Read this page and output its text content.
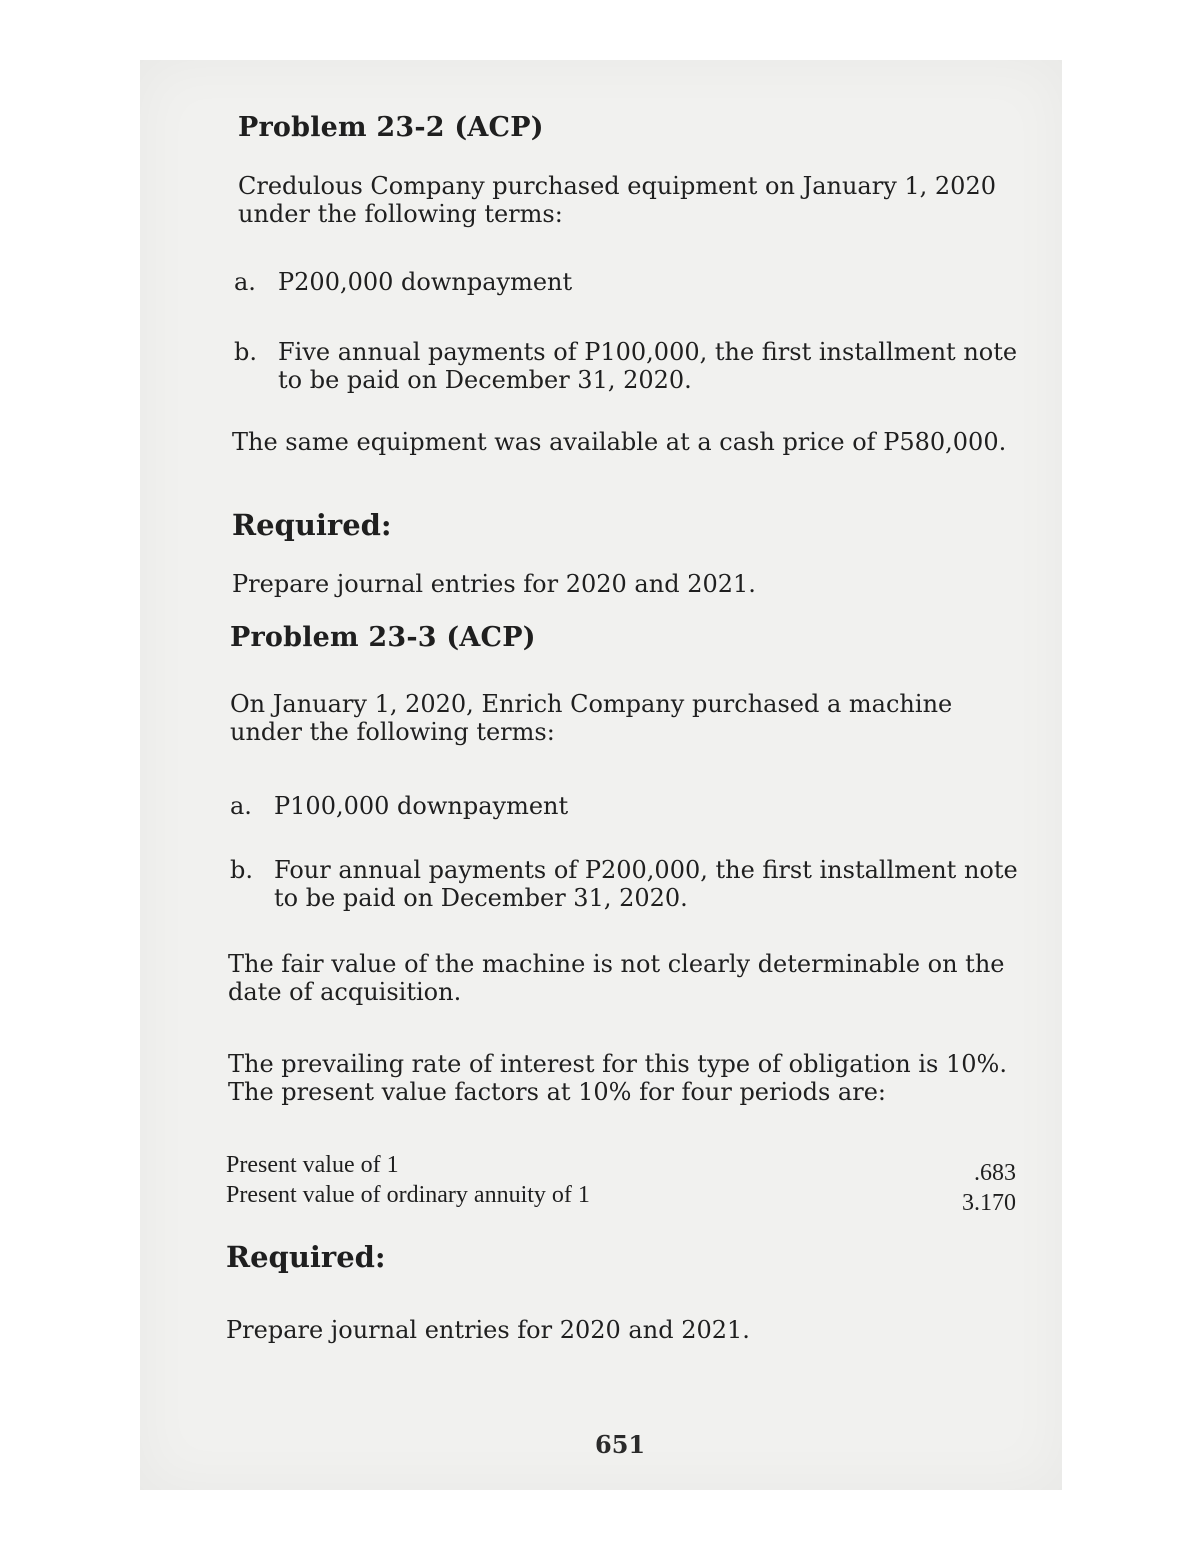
Problem 23-2 (ACP)
Credulous Company purchased equipment on January 1, 2020 under the following terms:
a. P200,000 downpayment
b. Five annual payments of P100,000, the first installment note to be paid on December 31, 2020.
The same equipment was available at a cash price of P580,000.
Required:
Prepare journal entries for 2020 and 2021.
Problem 23-3 (ACP)
On January 1, 2020, Enrich Company purchased a machine under the following terms:
a. P100,000 downpayment
b. Four annual payments of P200,000, the first installment note to be paid on December 31, 2020.
The fair value of the machine is not clearly determinable on the date of acquisition.
The prevailing rate of interest for this type of obligation is 10%. The present value factors at 10% for four periods are:
Present value of 1	.683
Present value of ordinary annuity of 1	3.170
Required:
Prepare journal entries for 2020 and 2021.
651
